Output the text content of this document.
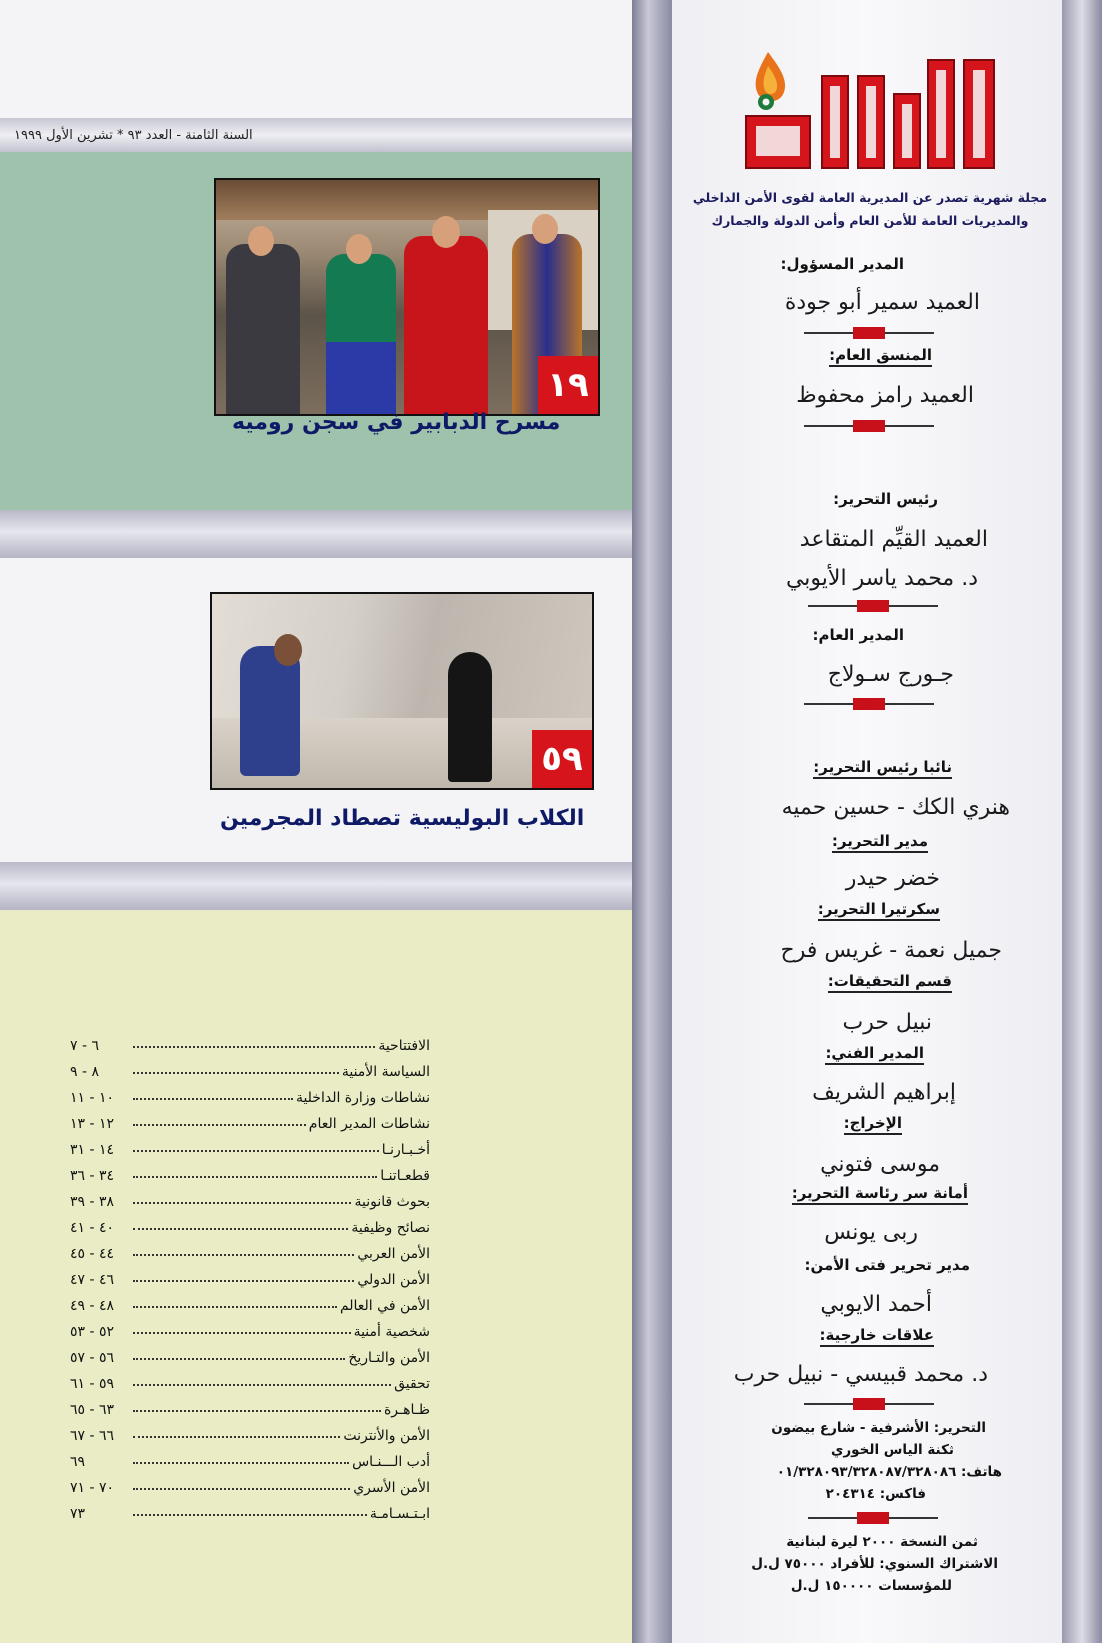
السنة الثامنة - العدد ٩٣ * تشرين الأول ١٩٩٩
١٩
مسرح الدبابير في سجن روميه
٥٩
الكلاب البوليسية تصطاد المجرمين
الافتتاحية
٦ - ٧
السياسة الأمنية
٨ - ٩
نشاطات وزارة الداخلية
١٠ - ١١
نشاطات المدير العام
١٢ - ١٣
أخـبـارنـا
١٤ - ٣١
قطعـاتنـا
٣٤ - ٣٦
بحوث قانونية
٣٨ - ٣٩
نصائح وظيفية
٤٠ - ٤١
الأمن العربي
٤٤ - ٤٥
الأمن الدولي
٤٦ - ٤٧
الأمن في العالم
٤٨ - ٤٩
شخصية أمنية
٥٢ - ٥٣
الأمن والتـاريخ
٥٦ - ٥٧
تحقيق
٥٩ - ٦١
ظـاهـرة
٦٣ - ٦٥
الأمن والأنترنت
٦٦ - ٦٧
أدب الـــنـاس
٦٩
الأمن الأسري
٧٠ - ٧١
ابـتـسـامـة
٧٣
مجلة شهرية تصدر عن المديرية العامة لقوى الأمن الداخلي
والمديريات العامة للأمن العام وأمن الدولة والجمارك
المدير المسؤول:
العميد سمير أبو جودة
المنسق العام:
العميد رامز محفوظ
رئيس التحرير:
العميد القيِّم المتقاعد
د. محمد ياسر الأيوبي
المدير العام:
جـورج سـولاج
نائبا رئيس التحرير:
هنري الكك - حسين حميه
مدير التحرير:
خضر حيدر
سكرتيرا التحرير:
جميل نعمة - غريس فرح
قسم التحقيقات:
نبيل حرب
المدير الفني:
إبراهيم الشريف
الإخراج:
موسى فتوني
أمانة سر رئاسة التحرير:
ربى يونس
مدير تحرير فتى الأمن:
أحمد الايوبي
علاقات خارجية:
د. محمد قبيسي - نبيل حرب
التحرير: الأشرفية - شارع بيضون
ثكنة الياس الخوري
هاتف: ٠١/٣٢٨٠٩٣/٣٢٨٠٨٧/٣٢٨٠٨٦
فاكس: ٢٠٤٣١٤
ثمن النسخة ٢٠٠٠ ليرة لبنانية
الاشتراك السنوي: للأفراد ٧٥٠٠٠ ل.ل
للمؤسسات ١٥٠٠٠٠ ل.ل
